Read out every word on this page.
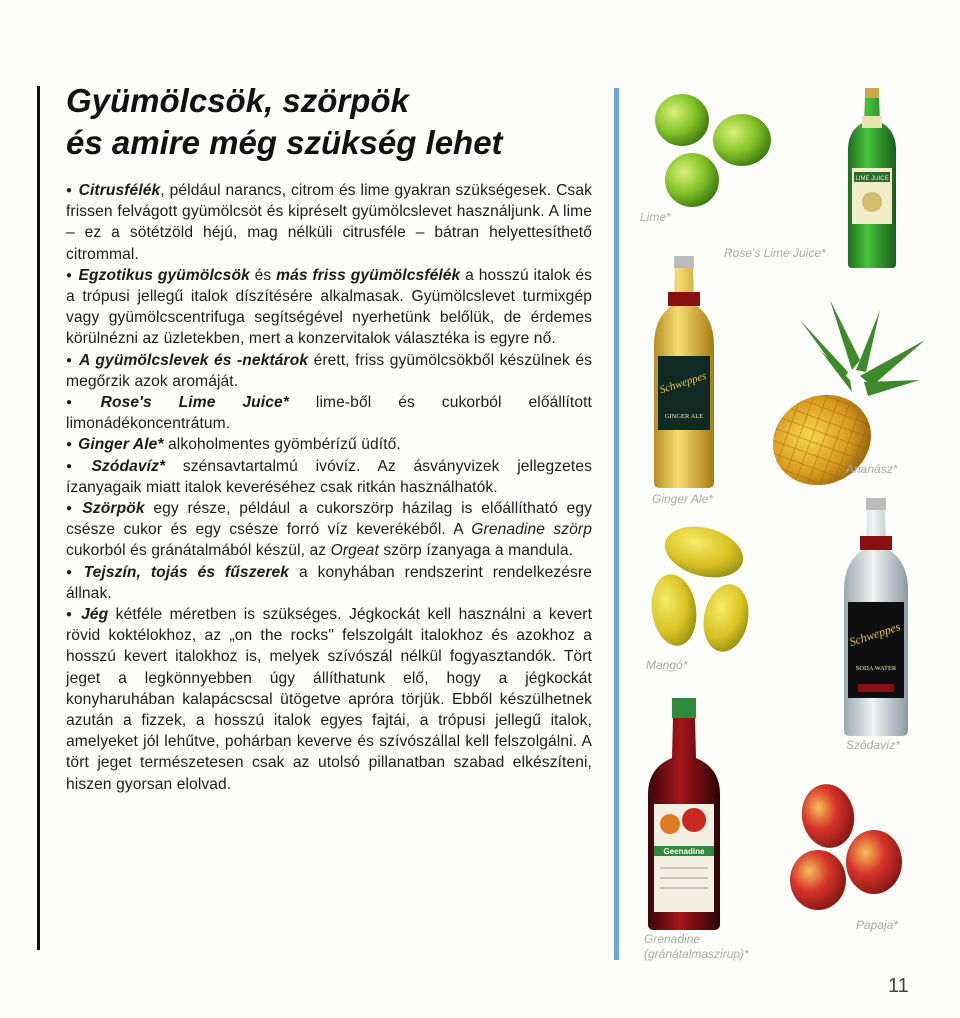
Gyümölcsök, szörpök
és amire még szükség lehet

● Citrusfélék, például narancs, citrom és lime gyakran szükségesek. Csak frissen felvágott gyümölcsöt és kipréselt gyümölcslevet használjunk. A lime – ez a sötétzöld héjú, mag nélküli citrusféle – bátran helyettesíthető citrommal.

● Egzotikus gyümölcsök és más friss gyümölcsfélék a hosszú italok és a trópusi jellegű italok díszítésére alkalmasak. Gyümölcslevet turmixgép vagy gyümölcscentrifuga segítségével nyerhetünk belőlük, de érdemes körülnézni az üzletekben, mert a konzervitalok választéka is egyre nő.

● A gyümölcslevek és -nektárok érett, friss gyümölcsökből készülnek és megőrzik azok aromáját.

● Rose's Lime Juice* lime-ből és cukorból előállított limonádékoncentrátum.

● Ginger Ale* alkoholmentes gyömbérízű üdítő.

● Szódavíz* szénsavtartalmú ivóvíz. Az ásványvizek jellegzetes ízanyagaik miatt italok keveréséhez csak ritkán használhatók.

● Szörpök egy része, például a cukorszörp házilag is előállítható egy csésze cukor és egy csésze forró víz keverékéből. A Grenadine szörp cukorból és gránátalmából készül, az Orgeat szörp ízanyaga a mandula.

● Tejszín, tojás és fűszerek a konyhában rendszerint rendelkezésre állnak.

● Jég kétféle méretben is szükséges. Jégkockát kell használni a kevert rövid koktélokhoz, az „on the rocks" felszolgált italokhoz és azokhoz a hosszú kevert italokhoz is, melyek szívószál nélkül fogyasztandók. Tört jeget a legkönnyebben úgy állíthatunk elő, hogy a jégkockát konyharuhában kalapácscsal ütögetve apróra törjük. Ebből készülhetnek azután a fizzek, a hosszú italok egyes fajtái, a trópusi jellegű italok, amelyeket jól lehűtve, pohárban keverve és szívószállal kell felszolgálni. A tört jeget természetesen csak az utolsó pillanatban szabad elkészíteni, hiszen gyorsan elolvad.

Lime*
LIME JUICE
Rose's Lime Juice*
Schweppes
GINGER ALE
Ginger Ale*
Ananász*
Mangó*
Schweppes
SODA WATER
Szódavíz*
Geenadine
Grenadine
(gránátalmaszirup)*
Papaja*
11
